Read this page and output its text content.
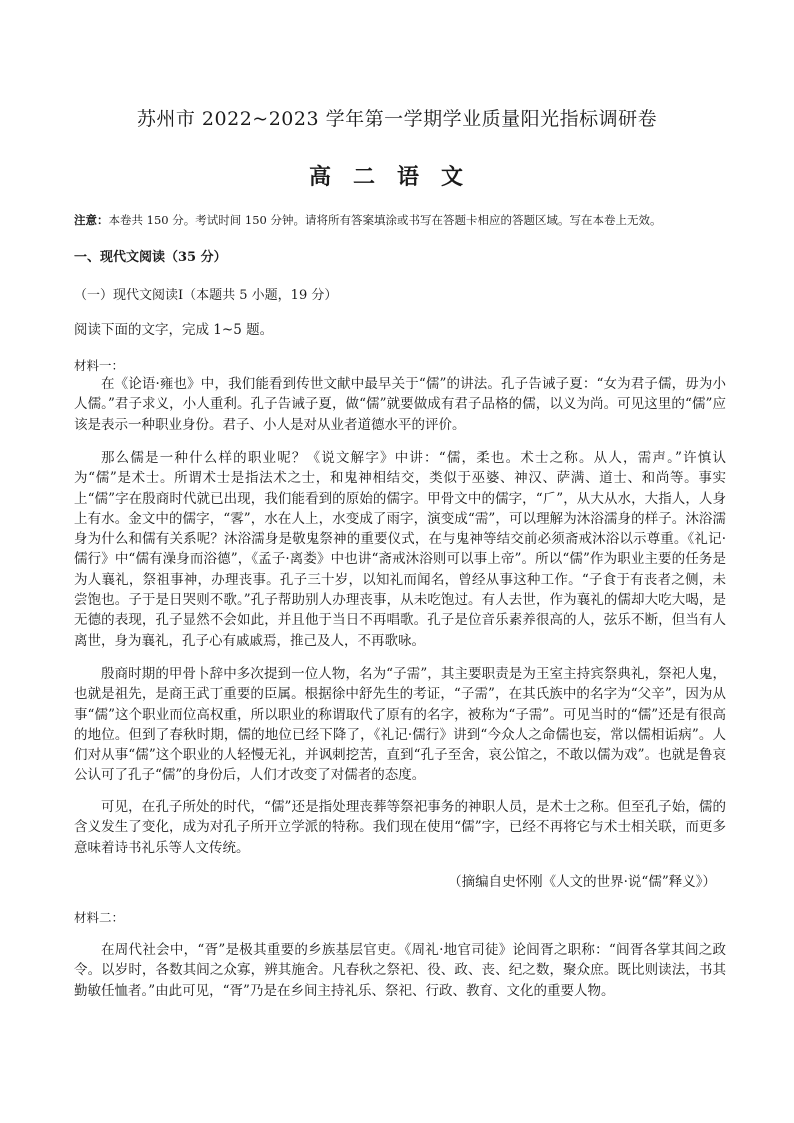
苏州市 2022~2023 学年第一学期学业质量阳光指标调研卷
高二语文
注意：本卷共 150 分。考试时间 150 分钟。请将所有答案填涂或书写在答题卡相应的答题区域。写在本卷上无效。
一、现代文阅读（35 分）
（一）现代文阅读Ⅰ（本题共 5 小题，19 分）
阅读下面的文字，完成 1~5 题。
材料一：
在《论语·雍也》中，我们能看到传世文献中最早关于“儒”的讲法。孔子告诫子夏：“女为君子儒，毋为小人儒。”君子求义，小人重利。孔子告诫子夏，做“儒”就要做成有君子品格的儒，以义为尚。可见这里的“儒”应该是表示一种职业身份。君子、小人是对从业者道德水平的评价。
那么儒是一种什么样的职业呢？《说文解字》中讲：“儒，柔也。术士之称。从人，需声。”许慎认为“儒”是术士。所谓术士是指法术之士，和鬼神相结交，类似于巫婆、神汉、萨满、道士、和尚等。事实上“儒”字在殷商时代就已出现，我们能看到的原始的儒字。甲骨文中的儒字，“𠂆”，从大从水，大指人，人身上有水。金文中的儒字，“𩂣”，水在人上，水变成了雨字，演变成“需”，可以理解为沐浴濡身的样子。沐浴濡身为什么和儒有关系呢？沐浴濡身是敬鬼祭神的重要仪式，在与鬼神等结交前必须斋戒沐浴以示尊重。《礼记·儒行》中“儒有澡身而浴德”，《孟子·离娄》中也讲“斋戒沐浴则可以事上帝”。所以“儒”作为职业主要的任务是为人襄礼，祭祖事神，办理丧事。孔子三十岁，以知礼而闻名，曾经从事这种工作。“子食于有丧者之侧，未尝饱也。子于是日哭则不歌。”孔子帮助别人办理丧事，从未吃饱过。有人去世，作为襄礼的儒却大吃大喝，是无德的表现，孔子显然不会如此，并且他于当日不再唱歌。孔子是位音乐素养很高的人，弦乐不断，但当有人离世，身为襄礼，孔子心有戚戚焉，推己及人，不再歌咏。
殷商时期的甲骨卜辞中多次提到一位人物，名为“子需”，其主要职责是为王室主持宾祭典礼，祭祀人鬼，也就是祖先，是商王武丁重要的臣属。根据徐中舒先生的考证，“子需”，在其氏族中的名字为“父辛”，因为从事“儒”这个职业而位高权重，所以职业的称谓取代了原有的名字，被称为“子需”。可见当时的“儒”还是有很高的地位。但到了春秋时期，儒的地位已经下降了，《礼记·儒行》讲到“今众人之命儒也妄，常以儒相诟病”。人们对从事“儒”这个职业的人轻慢无礼，并讽刺挖苦，直到“孔子至舍，哀公馆之，不敢以儒为戏”。也就是鲁哀公认可了孔子“儒”的身份后，人们才改变了对儒者的态度。
可见，在孔子所处的时代，“儒”还是指处理丧葬等祭祀事务的神职人员，是术士之称。但至孔子始，儒的含义发生了变化，成为对孔子所开立学派的特称。我们现在使用“儒”字，已经不再将它与术士相关联，而更多意味着诗书礼乐等人文传统。
（摘编自史怀刚《人文的世界·说“儒”释义》）
材料二：
在周代社会中，“胥”是极其重要的乡族基层官吏。《周礼·地官司徒》论闾胥之职称：“闾胥各掌其闾之政令。以岁时，各数其闾之众寡，辨其施舍。凡春秋之祭祀、役、政、丧、纪之数，聚众庶。既比则读法，书其勤敏任恤者。”由此可见，“胥”乃是在乡间主持礼乐、祭祀、行政、教育、文化的重要人物。
